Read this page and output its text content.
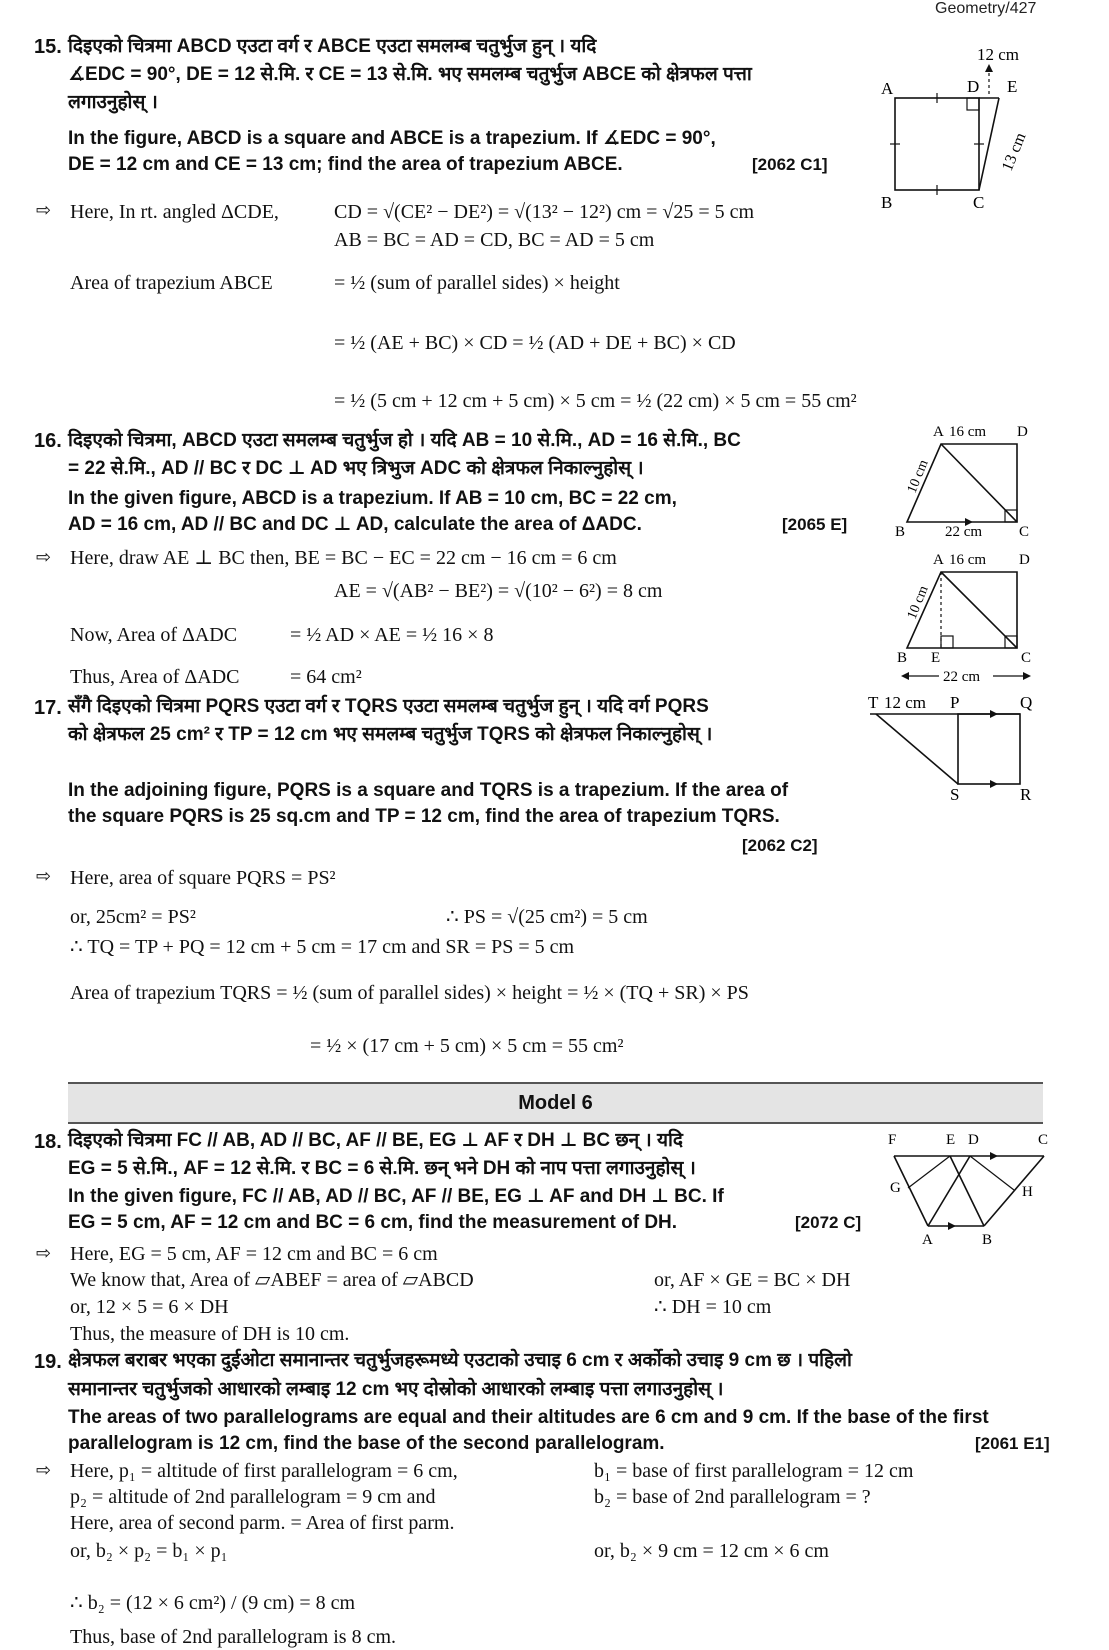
Geometry/427
15. दिइएको चित्रमा ABCD एउटा वर्ग र ABCE एउटा समलम्ब चतुर्भुज हुन् । यदि
∡EDC = 90°, DE = 12 से.मि. र CE = 13 से.मि. भए समलम्ब चतुर्भुज ABCE को क्षेत्रफल पत्ता
लगाउनुहोस् ।
In the figure, ABCD is a square and ABCE is a trapezium. If ∡EDC = 90°,
DE = 12 cm and CE = 13 cm; find the area of trapezium ABCE.	[2062 C1]
A
B	C
D E
12 cm
13 cm
⇨ Here, In rt. angled ΔCDE,	CD = √(CE² − DE²) = √(13² − 12²) cm = √25 = 5 cm
AB = BC = AD = CD, BC = AD = 5 cm
Area of trapezium ABCE	= ½ (sum of parallel sides) × height
= ½ (AE + BC) × CD = ½ (AD + DE + BC) × CD
= ½ (5 cm + 12 cm + 5 cm) × 5 cm = ½ (22 cm) × 5 cm = 55 cm²
16. दिइएको चित्रमा, ABCD एउटा समलम्ब चतुर्भुज हो । यदि AB = 10 से.मि., AD = 16 से.मि., BC
= 22 से.मि., AD // BC र DC ⊥ AD भए त्रिभुज ADC को क्षेत्रफल निकाल्नुहोस् ।
In the given figure, ABCD is a trapezium. If AB = 10 cm, BC = 22 cm,
AD = 16 cm, AD // BC and DC ⊥ AD, calculate the area of ΔADC.	[2065 E]
A 16 cm D
B	22 cm C
10 cm
⇨ Here, draw AE ⊥ BC then, BE = BC − EC = 22 cm − 16 cm = 6 cm
AE = √(AB² − BE²) = √(10² − 6²) = 8 cm
Now, Area of ΔADC	= ½ AD × AE = ½ 16 × 8
Thus, Area of ΔADC	= 64 cm²
A 16 cm D
B E	C
22 cm
10 cm
17. सँगै दिइएको चित्रमा PQRS एउटा वर्ग र TQRS एउटा समलम्ब चतुर्भुज हुन् । यदि वर्ग PQRS
को क्षेत्रफल 25 cm² र TP = 12 cm भए समलम्ब चतुर्भुज TQRS को क्षेत्रफल निकाल्नुहोस् ।
In the adjoining figure, PQRS is a square and TQRS is a trapezium. If the area of
the square PQRS is 25 sq.cm and TP = 12 cm, find the area of trapezium TQRS.
[2062 C2]
T 12 cm P	Q
S	R
⇨ Here, area of square PQRS = PS²
or, 25cm² = PS²	∴ PS = √(25 cm²) = 5 cm
∴ TQ = TP + PQ = 12 cm + 5 cm = 17 cm and SR = PS = 5 cm
Area of trapezium TQRS = ½ (sum of parallel sides) × height = ½ × (TQ + SR) × PS
= ½ × (17 cm + 5 cm) × 5 cm = 55 cm²
Model 6
18. दिइएको चित्रमा FC // AB, AD // BC, AF // BE, EG ⊥ AF र DH ⊥ BC छन् । यदि
EG = 5 से.मि., AF = 12 से.मि. र BC = 6 से.मि. छन् भने DH को नाप पत्ता लगाउनुहोस् ।
In the given figure, FC // AB, AD // BC, AF // BE, EG ⊥ AF and DH ⊥ BC. If
EG = 5 cm, AF = 12 cm and BC = 6 cm, find the measurement of DH.	[2072 C]
F	E D	C
G	H
A	B
⇨ Here, EG = 5 cm, AF = 12 cm and BC = 6 cm
We know that, Area of ▱ABEF = area of ▱ABCD	or, AF × GE = BC × DH
or, 12 × 5 = 6 × DH	∴ DH = 10 cm
Thus, the measure of DH is 10 cm.
19. क्षेत्रफल बराबर भएका दुईओटा समानान्तर चतुर्भुजहरूमध्ये एउटाको उचाइ 6 cm र अर्कोको उचाइ 9 cm छ । पहिलो
समानान्तर चतुर्भुजको आधारको लम्बाइ 12 cm भए दोस्रोको आधारको लम्बाइ पत्ता लगाउनुहोस् ।
The areas of two parallelograms are equal and their altitudes are 6 cm and 9 cm. If the base of the first
parallelogram is 12 cm, find the base of the second parallelogram.	[2061 E1]
⇨ Here, p₁ = altitude of first parallelogram = 6 cm,	b₁ = base of first parallelogram = 12 cm
p₂ = altitude of 2nd parallelogram = 9 cm and	b₂ = base of 2nd parallelogram = ?
Here, area of second parm. = Area of first parm.
or, b₂ × p₂ = b₁ × p₁	or, b₂ × 9 cm = 12 cm × 6 cm
∴ b₂ = (12 × 6 cm²) / (9 cm) = 8 cm
Thus, base of 2nd parallelogram is 8 cm.
